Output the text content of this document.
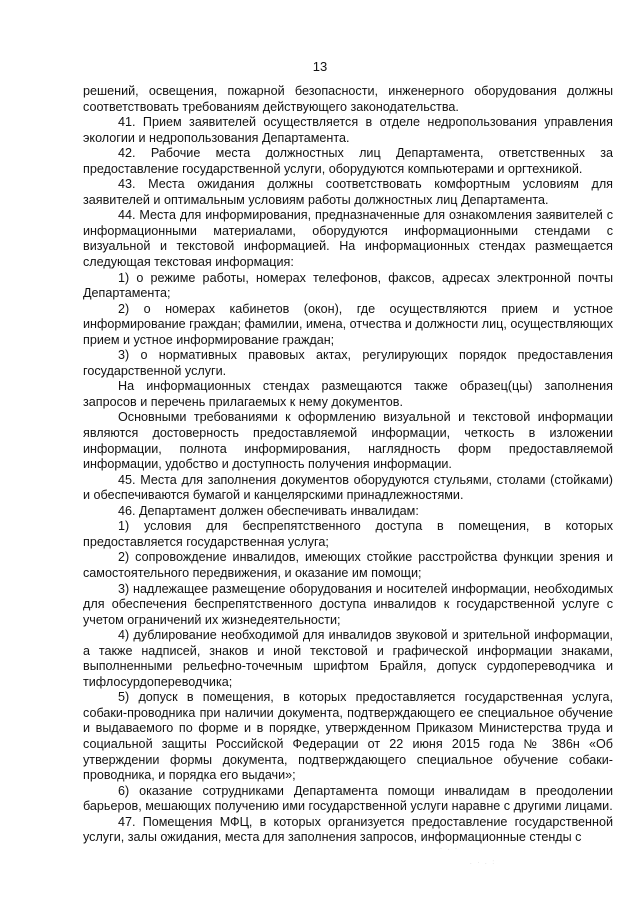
13

решений, освещения, пожарной безопасности, инженерного оборудования должны соответствовать требованиям действующего законодательства.

41. Прием заявителей осуществляется в отделе недропользования управления экологии и недропользования Департамента.

42. Рабочие места должностных лиц Департамента, ответственных за предоставление государственной услуги, оборудуются компьютерами и оргтехникой.

43. Места ожидания должны соответствовать комфортным условиям для заявителей и оптимальным условиям работы должностных лиц Департамента.

44. Места для информирования, предназначенные для ознакомления заявителей с информационными материалами, оборудуются информационными стендами с визуальной и текстовой информацией. На информационных стендах размещается следующая текстовая информация:

1) о режиме работы, номерах телефонов, факсов, адресах электронной почты Департамента;

2) о номерах кабинетов (окон), где осуществляются прием и устное информирование граждан; фамилии, имена, отчества и должности лиц, осуществляющих прием и устное информирование граждан;

3) о нормативных правовых актах, регулирующих порядок предоставления государственной услуги.

На информационных стендах размещаются также образец(цы) заполнения запросов и перечень прилагаемых к нему документов.

Основными требованиями к оформлению визуальной и текстовой информации являются достоверность предоставляемой информации, четкость в изложении информации, полнота информирования, наглядность форм предоставляемой информации, удобство и доступность получения информации.

45. Места для заполнения документов оборудуются стульями, столами (стойками) и обеспечиваются бумагой и канцелярскими принадлежностями.

46. Департамент должен обеспечивать инвалидам:

1) условия для беспрепятственного доступа в помещения, в которых предоставляется государственная услуга;

2) сопровождение инвалидов, имеющих стойкие расстройства функции зрения и самостоятельного передвижения, и оказание им помощи;

3) надлежащее размещение оборудования и носителей информации, необходимых для обеспечения беспрепятственного доступа инвалидов к государственной услуге с учетом ограничений их жизнедеятельности;

4) дублирование необходимой для инвалидов звуковой и зрительной информации, а также надписей, знаков и иной текстовой и графической информации знаками, выполненными рельефно-точечным шрифтом Брайля, допуск сурдопереводчика и тифлосурдопереводчика;

5) допуск в помещения, в которых предоставляется государственная услуга, собаки-проводника при наличии документа, подтверждающего ее специальное обучение и выдаваемого по форме и в порядке, утвержденном Приказом Министерства труда и социальной защиты Российской Федерации от 22 июня 2015 года № 386н «Об утверждении формы документа, подтверждающего специальное обучение собаки-проводника, и порядка его выдачи»;

6) оказание сотрудниками Департамента помощи инвалидам в преодолении барьеров, мешающих получению ими государственной услуги наравне с другими лицами.

47. Помещения МФЦ, в которых организуется предоставление государственной услуги, залы ожидания, места для заполнения запросов, информационные стенды с

· . ·
. · . :
